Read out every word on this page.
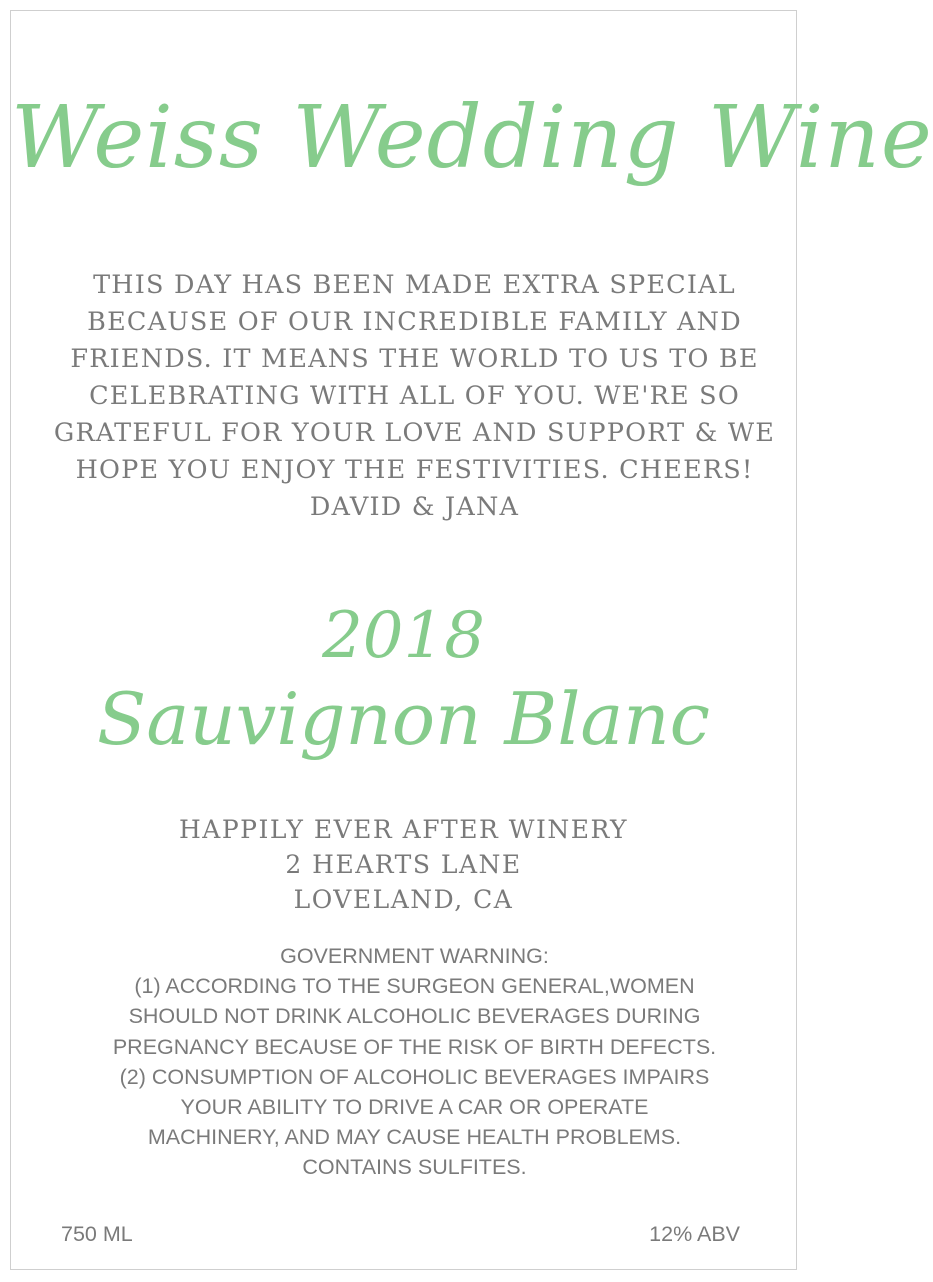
Weiss Wedding Wine
THIS DAY HAS BEEN MADE EXTRA SPECIAL BECAUSE OF OUR INCREDIBLE FAMILY AND FRIENDS. IT MEANS THE WORLD TO US TO BE CELEBRATING WITH ALL OF YOU. WE'RE SO GRATEFUL FOR YOUR LOVE AND SUPPORT & WE HOPE YOU ENJOY THE FESTIVITIES. CHEERS! DAVID & JANA
2018
Sauvignon Blanc
HAPPILY EVER AFTER WINERY
2 HEARTS LANE
LOVELAND, CA
GOVERNMENT WARNING:
(1) ACCORDING TO THE SURGEON GENERAL,WOMEN
SHOULD NOT DRINK ALCOHOLIC BEVERAGES DURING
PREGNANCY BECAUSE OF THE RISK OF BIRTH DEFECTS.
(2) CONSUMPTION OF ALCOHOLIC BEVERAGES IMPAIRS
YOUR ABILITY TO DRIVE A CAR OR OPERATE
MACHINERY, AND MAY CAUSE HEALTH PROBLEMS.
CONTAINS SULFITES.
750 ML	12% ABV
